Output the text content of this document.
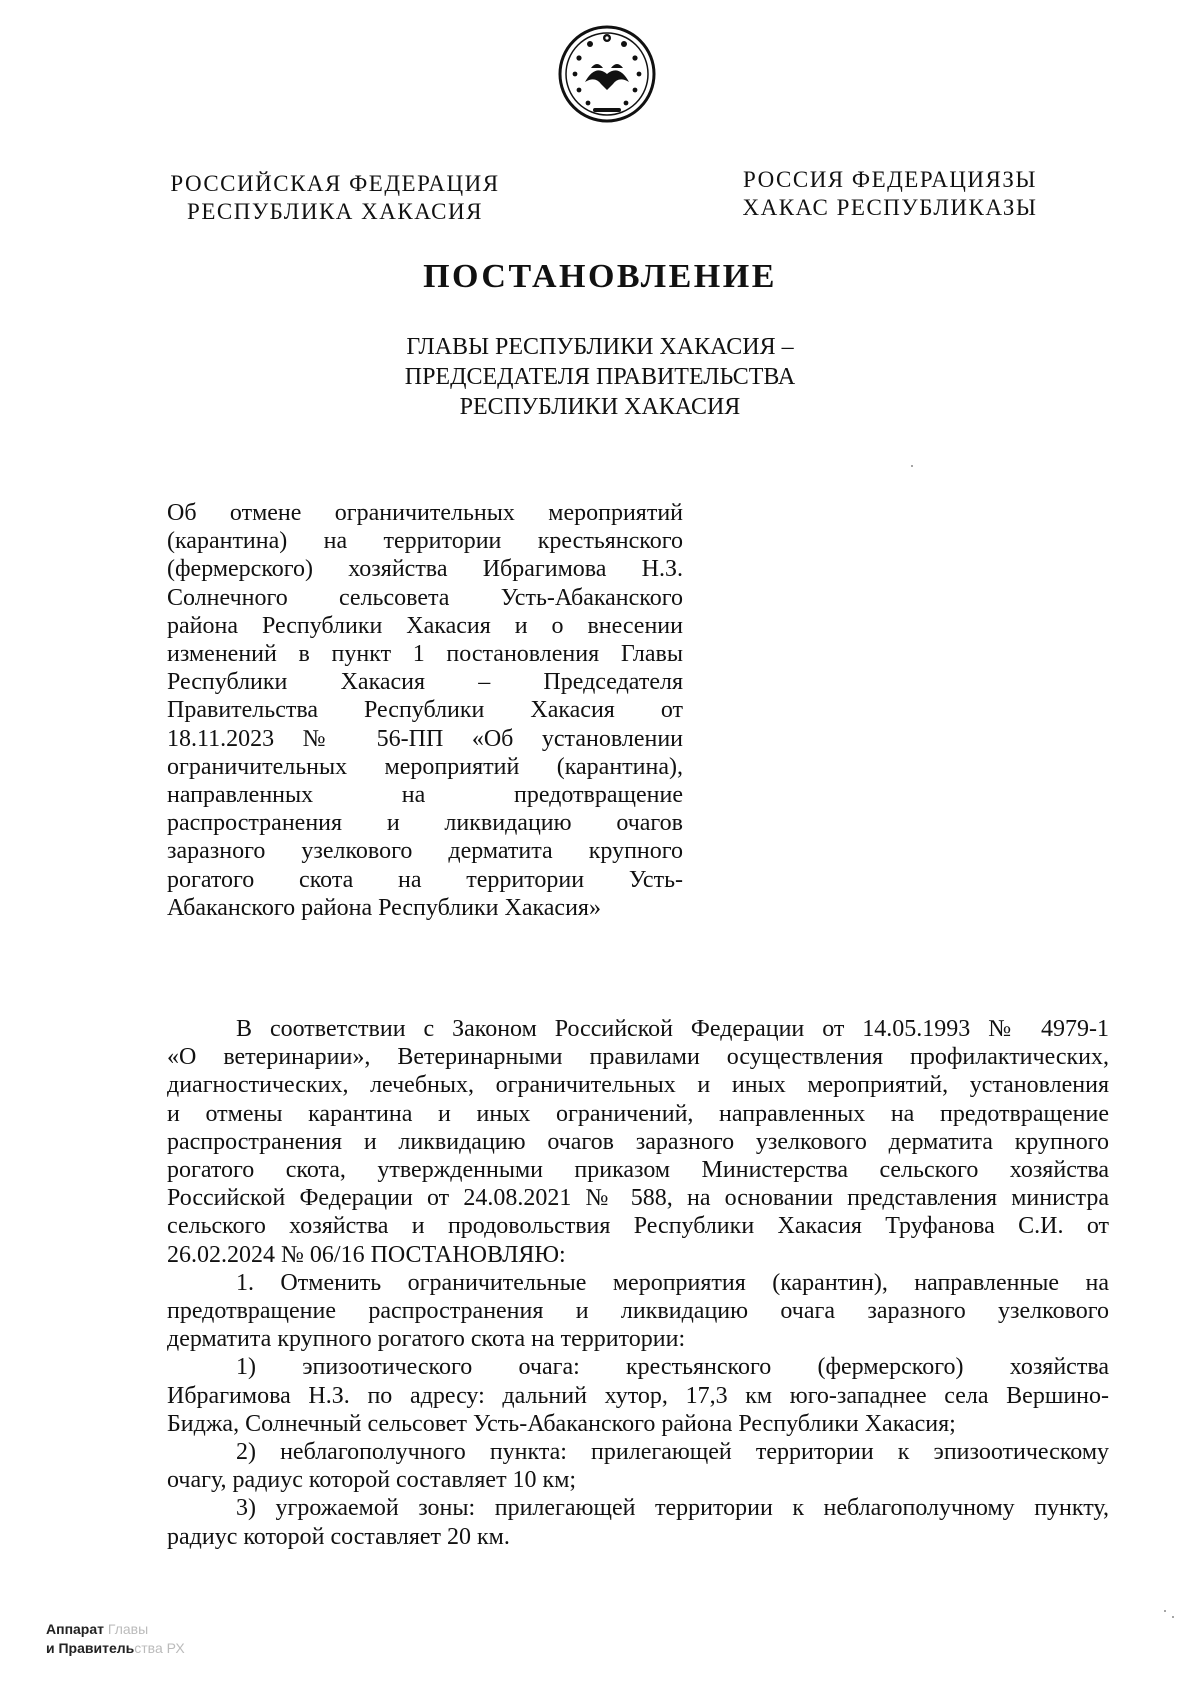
РОССИЙСКАЯ ФЕДЕРАЦИЯ
РЕСПУБЛИКА ХАКАСИЯ
РОССИЯ ФЕДЕРАЦИЯЗЫ
ХАКАС РЕСПУБЛИКАЗЫ
ПОСТАНОВЛЕНИЕ
ГЛАВЫ РЕСПУБЛИКИ ХАКАСИЯ –
ПРЕДСЕДАТЕЛЯ ПРАВИТЕЛЬСТВА
РЕСПУБЛИКИ ХАКАСИЯ
Об отмене ограничительных мероприятий
(карантина) на территории крестьянского
(фермерского) хозяйства Ибрагимова Н.З.
Солнечного сельсовета Усть-Абаканского
района Республики Хакасия и о внесении
изменений в пункт 1 постановления Главы
Республики Хакасия – Председателя
Правительства Республики Хакасия от
18.11.2023 № 56-ПП «Об установлении
ограничительных мероприятий (карантина),
направленных на предотвращение
распространения и ликвидацию очагов
заразного узелкового дерматита крупного
рогатого скота на территории Усть-
Абаканского района Республики Хакасия»
В соответствии с Законом Российской Федерации от 14.05.1993 № 4979-1
«О ветеринарии», Ветеринарными правилами осуществления профилактических,
диагностических, лечебных, ограничительных и иных мероприятий, установления
и отмены карантина и иных ограничений, направленных на предотвращение
распространения и ликвидацию очагов заразного узелкового дерматита крупного
рогатого скота, утвержденными приказом Министерства сельского хозяйства
Российской Федерации от 24.08.2021 № 588, на основании представления министра
сельского хозяйства и продовольствия Республики Хакасия Труфанова С.И. от
26.02.2024 № 06/16 ПОСТАНОВЛЯЮ:
1. Отменить ограничительные мероприятия (карантин), направленные на
предотвращение распространения и ликвидацию очага заразного узелкового
дерматита крупного рогатого скота на территории:
1) эпизоотического очага: крестьянского (фермерского) хозяйства
Ибрагимова Н.З. по адресу: дальний хутор, 17,3 км юго-западнее села Вершино-
Биджа, Солнечный сельсовет Усть-Абаканского района Республики Хакасия;
2) неблагополучного пункта: прилегающей территории к эпизоотическому
очагу, радиус которой составляет 10 км;
3) угрожаемой зоны: прилегающей территории к неблагополучному пункту,
радиус которой составляет 20 км.
Аппарат Главы
и Правительства РХ
